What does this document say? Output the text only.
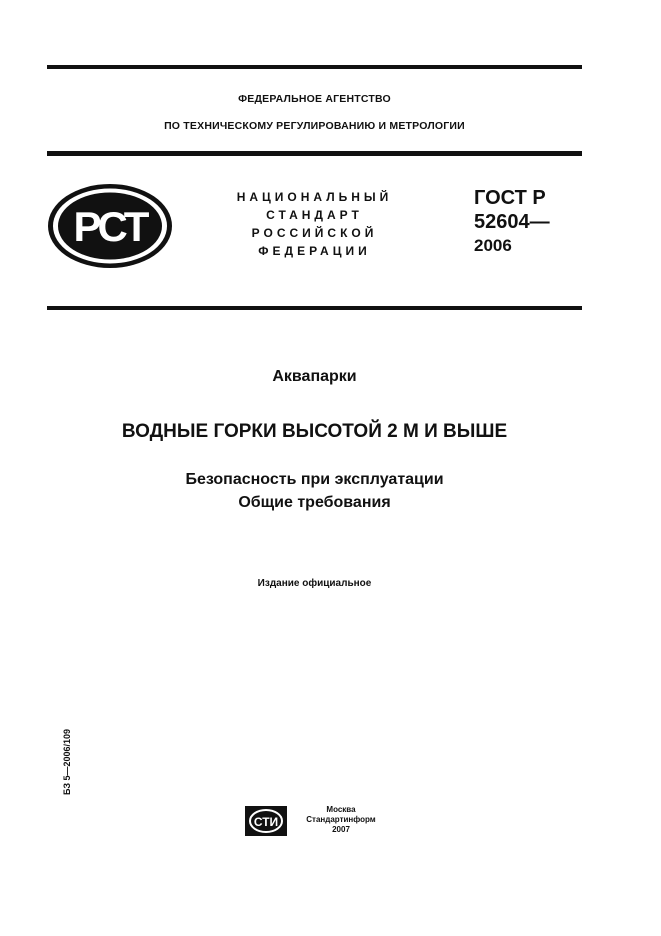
ФЕДЕРАЛЬНОЕ АГЕНТСТВО
ПО ТЕХНИЧЕСКОМУ РЕГУЛИРОВАНИЮ И МЕТРОЛОГИИ
РСТ
НАЦИОНАЛЬНЫЙ
СТАНДАРТ
РОССИЙСКОЙ
ФЕДЕРАЦИИ
ГОСТ Р
52604—
2006
Аквапарки
ВОДНЫЕ ГОРКИ ВЫСОТОЙ 2 М И ВЫШЕ
Безопасность при эксплуатации
Общие требования
Издание официальное
БЗ 5—2006/109
СТИ
Москва
Стандартинформ
2007
